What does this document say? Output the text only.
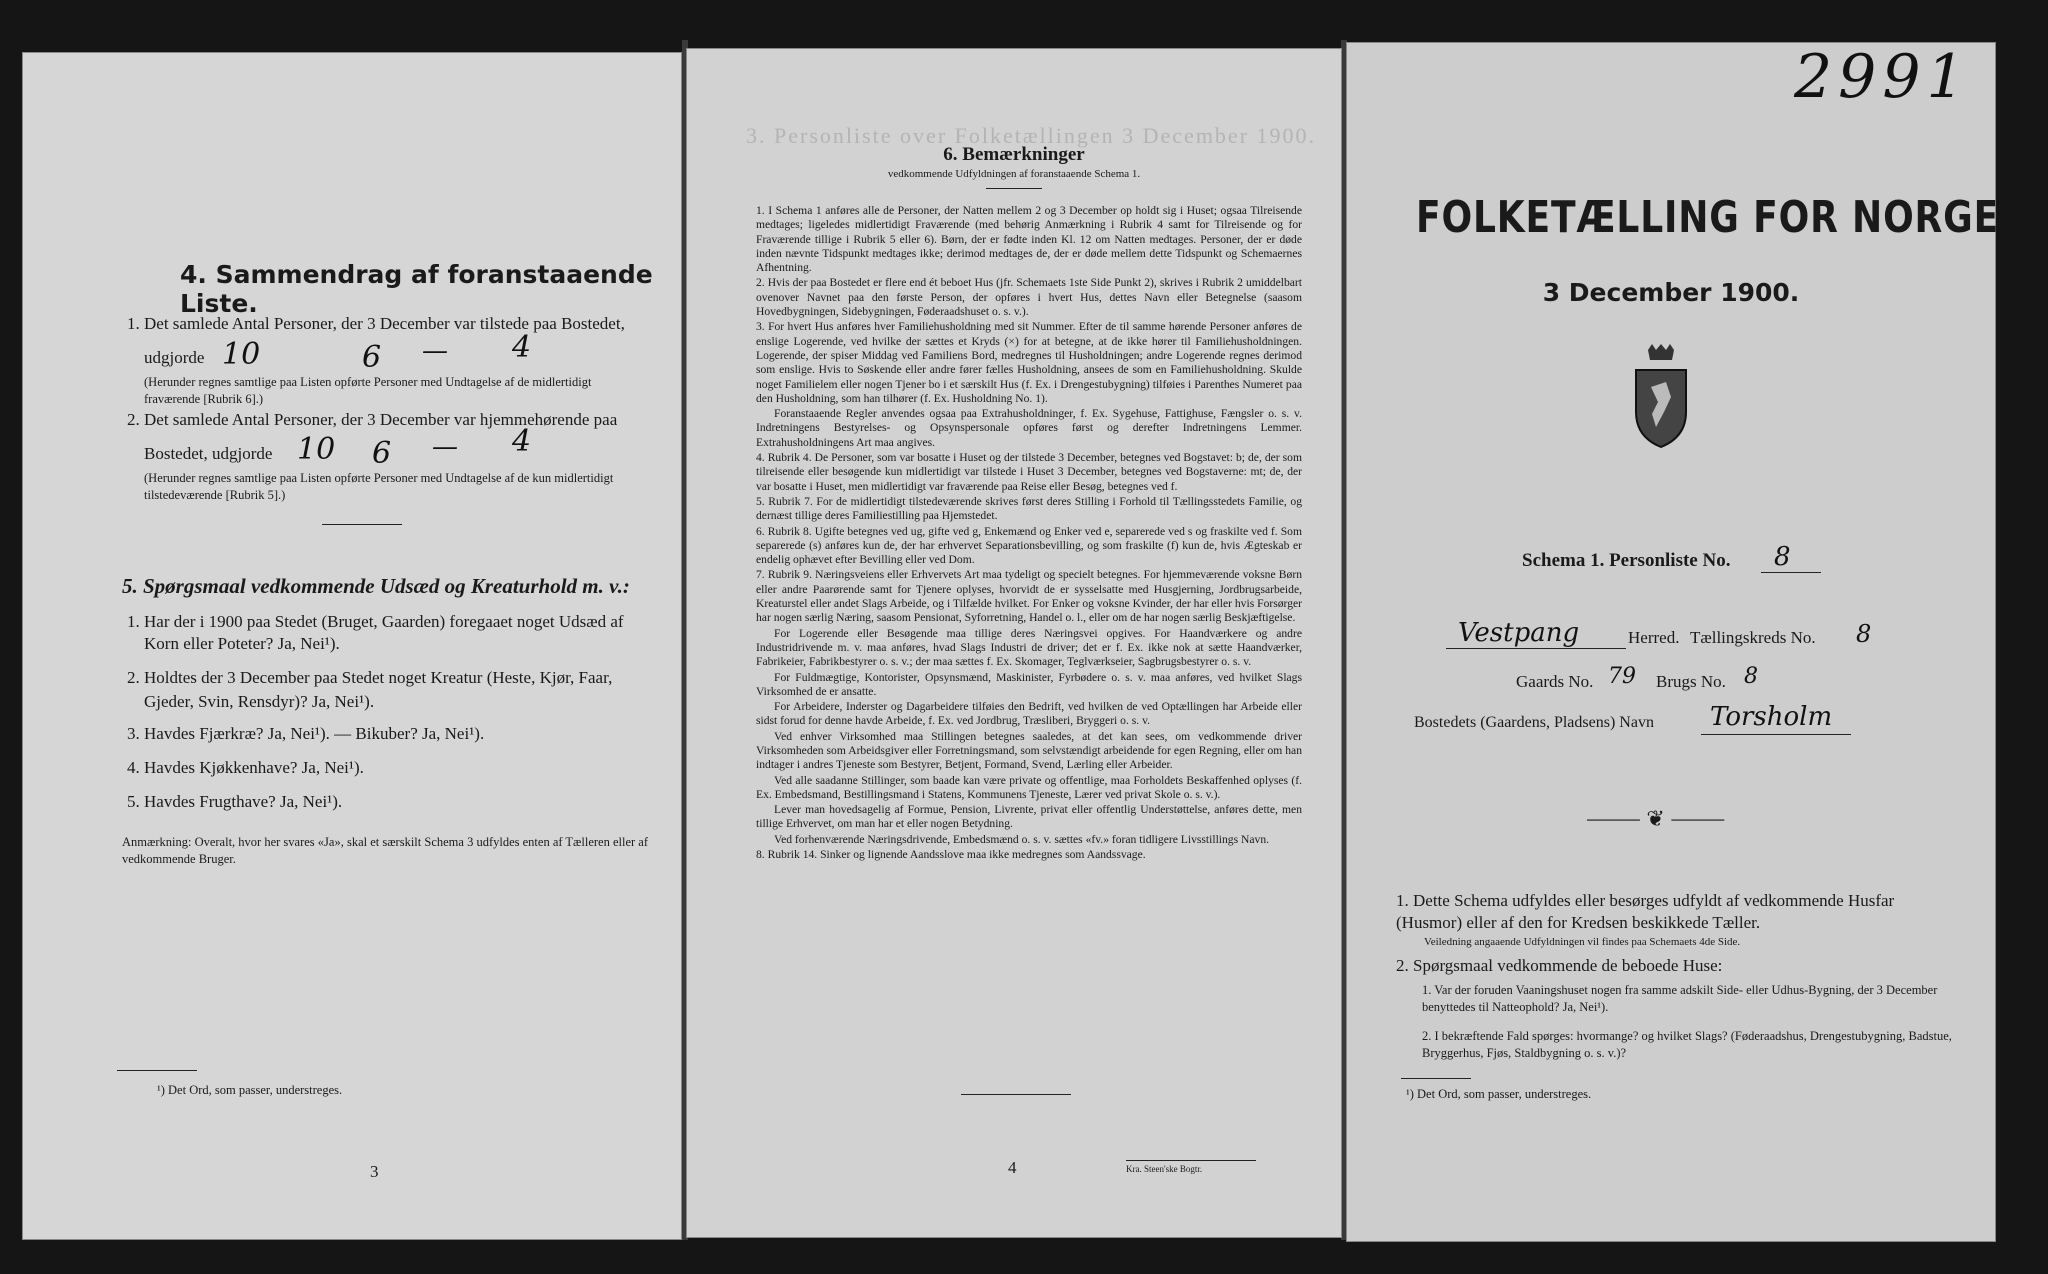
4. Sammendrag af foranstaaende Liste.
1. Det samlede Antal Personer, der 3 December var tilstede paa Bostedet,
udgjorde 10	6 — 4
(Herunder regnes samtlige paa Listen opførte Personer med Undtagelse af de midlertidigt fraværende [Rubrik 6].)
2. Det samlede Antal Personer, der 3 December var hjemmehørende paa
Bostedet, udgjorde 10 6 — 4
(Herunder regnes samtlige paa Listen opførte Personer med Undtagelse af de kun midlertidigt tilstedeværende [Rubrik 5].)
5. Spørgsmaal vedkommende Udsæd og Kreaturhold m. v.:
1. Har der i 1900 paa Stedet (Bruget, Gaarden) foregaaet noget Udsæd af
Korn eller Poteter? Ja, Nei¹).
2. Holdtes der 3 December paa Stedet noget Kreatur (Heste, Kjør, Faar,
Gjeder, Svin, Rensdyr)? Ja, Nei¹).
3. Havdes Fjærkræ? Ja, Nei¹). — Bikuber? Ja, Nei¹).
4. Havdes Kjøkkenhave? Ja, Nei¹).
5. Havdes Frugthave? Ja, Nei¹).
Anmærkning: Overalt, hvor her svares «Ja», skal et særskilt Schema 3 udfyldes enten af Tælleren eller af vedkommende Bruger.
¹) Det Ord, som passer, understreges.
3
3. Personliste over Folketællingen 3 December 1900.
6. Bemærkninger
vedkommende Udfyldningen af foranstaaende Schema 1.

1. I Schema 1 anføres alle de Personer, der Natten mellem 2 og 3 December op holdt sig i Huset; ogsaa Tilreisende medtages; ligeledes midlertidigt Fraværende (med behørig Anmærkning i Rubrik 4 samt for Tilreisende og for Fraværende tillige i Rubrik 5 eller 6). Børn, der er fødte inden Kl. 12 om Natten medtages. Personer, der er døde inden nævnte Tidspunkt medtages ikke; derimod medtages de, der er døde mellem dette Tidspunkt og Schemaernes Afhentning.

2. Hvis der paa Bostedet er flere end ét beboet Hus (jfr. Schemaets 1ste Side Punkt 2), skrives i Rubrik 2 umiddelbart ovenover Navnet paa den første Person, der opføres i hvert Hus, dettes Navn eller Betegnelse (saasom Hovedbygningen, Sidebygningen, Føderaadshuset o. s. v.).

3. For hvert Hus anføres hver Familiehusholdning med sit Nummer. Efter de til samme hørende Personer anføres de enslige Logerende, ved hvilke der sættes et Kryds (×) for at betegne, at de ikke hører til Familiehusholdningen. Logerende, der spiser Middag ved Familiens Bord, medregnes til Husholdningen; andre Logerende regnes derimod som enslige. Hvis to Søskende eller andre fører fælles Husholdning, ansees de som en Familiehusholdning. Skulde noget Familielem eller nogen Tjener bo i et særskilt Hus (f. Ex. i Drengestubygning) tilføies i Parenthes Numeret paa den Husholdning, som han tilhører (f. Ex. Husholdning No. 1).

Foranstaaende Regler anvendes ogsaa paa Extrahusholdninger, f. Ex. Sygehuse, Fattighuse, Fængsler o. s. v. Indretningens Bestyrelses- og Opsynspersonale opføres først og derefter Indretningens Lemmer. Extrahusholdningens Art maa angives.

4. Rubrik 4. De Personer, som var bosatte i Huset og der tilstede 3 December, betegnes ved Bogstavet: b; de, der som tilreisende eller besøgende kun midlertidigt var tilstede i Huset 3 December, betegnes ved Bogstaverne: mt; de, der var bosatte i Huset, men midlertidigt var fraværende paa Reise eller Besøg, betegnes ved f.

5. Rubrik 7. For de midlertidigt tilstedeværende skrives først deres Stilling i Forhold til Tællingsstedets Familie, og dernæst tillige deres Familiestilling paa Hjemstedet.

6. Rubrik 8. Ugifte betegnes ved ug, gifte ved g, Enkemænd og Enker ved e, separerede ved s og fraskilte ved f. Som separerede (s) anføres kun de, der har erhvervet Separationsbevilling, og som fraskilte (f) kun de, hvis Ægteskab er endelig ophævet efter Bevilling eller ved Dom.

7. Rubrik 9. Næringsveiens eller Erhvervets Art maa tydeligt og specielt betegnes. For hjemmeværende voksne Børn eller andre Paarørende samt for Tjenere oplyses, hvorvidt de er sysselsatte med Husgjerning, Jordbrugsarbeide, Kreaturstel eller andet Slags Arbeide, og i Tilfælde hvilket. For Enker og voksne Kvinder, der har eller hvis Forsørger har nogen særlig Næring, saasom Pensionat, Syforretning, Handel o. l., eller om de har nogen særlig Beskjæftigelse.

For Logerende eller Besøgende maa tillige deres Næringsvei opgives. For Haandværkere og andre Industridrivende m. v. maa anføres, hvad Slags Industri de driver; det er f. Ex. ikke nok at sætte Haandværker, Fabrikeier, Fabrikbestyrer o. s. v.; der maa sættes f. Ex. Skomager, Teglværkseier, Sagbrugsbestyrer o. s. v.

For Fuldmægtige, Kontorister, Opsynsmænd, Maskinister, Fyrbødere o. s. v. maa anføres, ved hvilket Slags Virksomhed de er ansatte.

For Arbeidere, Inderster og Dagarbeidere tilføies den Bedrift, ved hvilken de ved Optællingen har Arbeide eller sidst forud for denne havde Arbeide, f. Ex. ved Jordbrug, Træsliberi, Bryggeri o. s. v.

Ved enhver Virksomhed maa Stillingen betegnes saaledes, at det kan sees, om vedkommende driver Virksomheden som Arbeidsgiver eller Forretningsmand, som selvstændigt arbeidende for egen Regning, eller om han indtager i andres Tjeneste som Bestyrer, Betjent, Formand, Svend, Lærling eller Arbeider.

Ved alle saadanne Stillinger, som baade kan være private og offentlige, maa Forholdets Beskaffenhed oplyses (f. Ex. Embedsmand, Bestillingsmand i Statens, Kommunens Tjeneste, Lærer ved privat Skole o. s. v.).

Lever man hovedsagelig af Formue, Pension, Livrente, privat eller offentlig Understøttelse, anføres dette, men tillige Erhvervet, om man har et eller nogen Betydning.

Ved forhenværende Næringsdrivende, Embedsmænd o. s. v. sættes «fv.» foran tidligere Livsstillings Navn.

8. Rubrik 14. Sinker og lignende Aandsslove maa ikke medregnes som Aandssvage.

4	Kra. Steen'ske Bogtr.
2991
FOLKETÆLLING FOR NORGE
3 December 1900.
Schema 1. Personliste No. 8
Vestpang	Herred. Tællingskreds No. 8
Gaards No. 79 Brugs No. 8
Bostedets (Gaardens, Pladsens) Navn Torsholm
⸻ ❦ ⸻
1. Dette Schema udfyldes eller besørges udfyldt af vedkommende Husfar (Husmor) eller af den for Kredsen beskikkede Tæller.
Veiledning angaaende Udfyldningen vil findes paa Schemaets 4de Side.
2. Spørgsmaal vedkommende de beboede Huse:
1. Var der foruden Vaaningshuset nogen fra samme adskilt Side- eller Udhus-Bygning, der 3 December benyttedes til Natteophold? Ja, Nei¹).
2. I bekræftende Fald spørges: hvormange? og hvilket Slags? (Føderaadshus, Drengestubygning, Badstue, Bryggerhus, Fjøs, Staldbygning o. s. v.)?
¹) Det Ord, som passer, understreges.
